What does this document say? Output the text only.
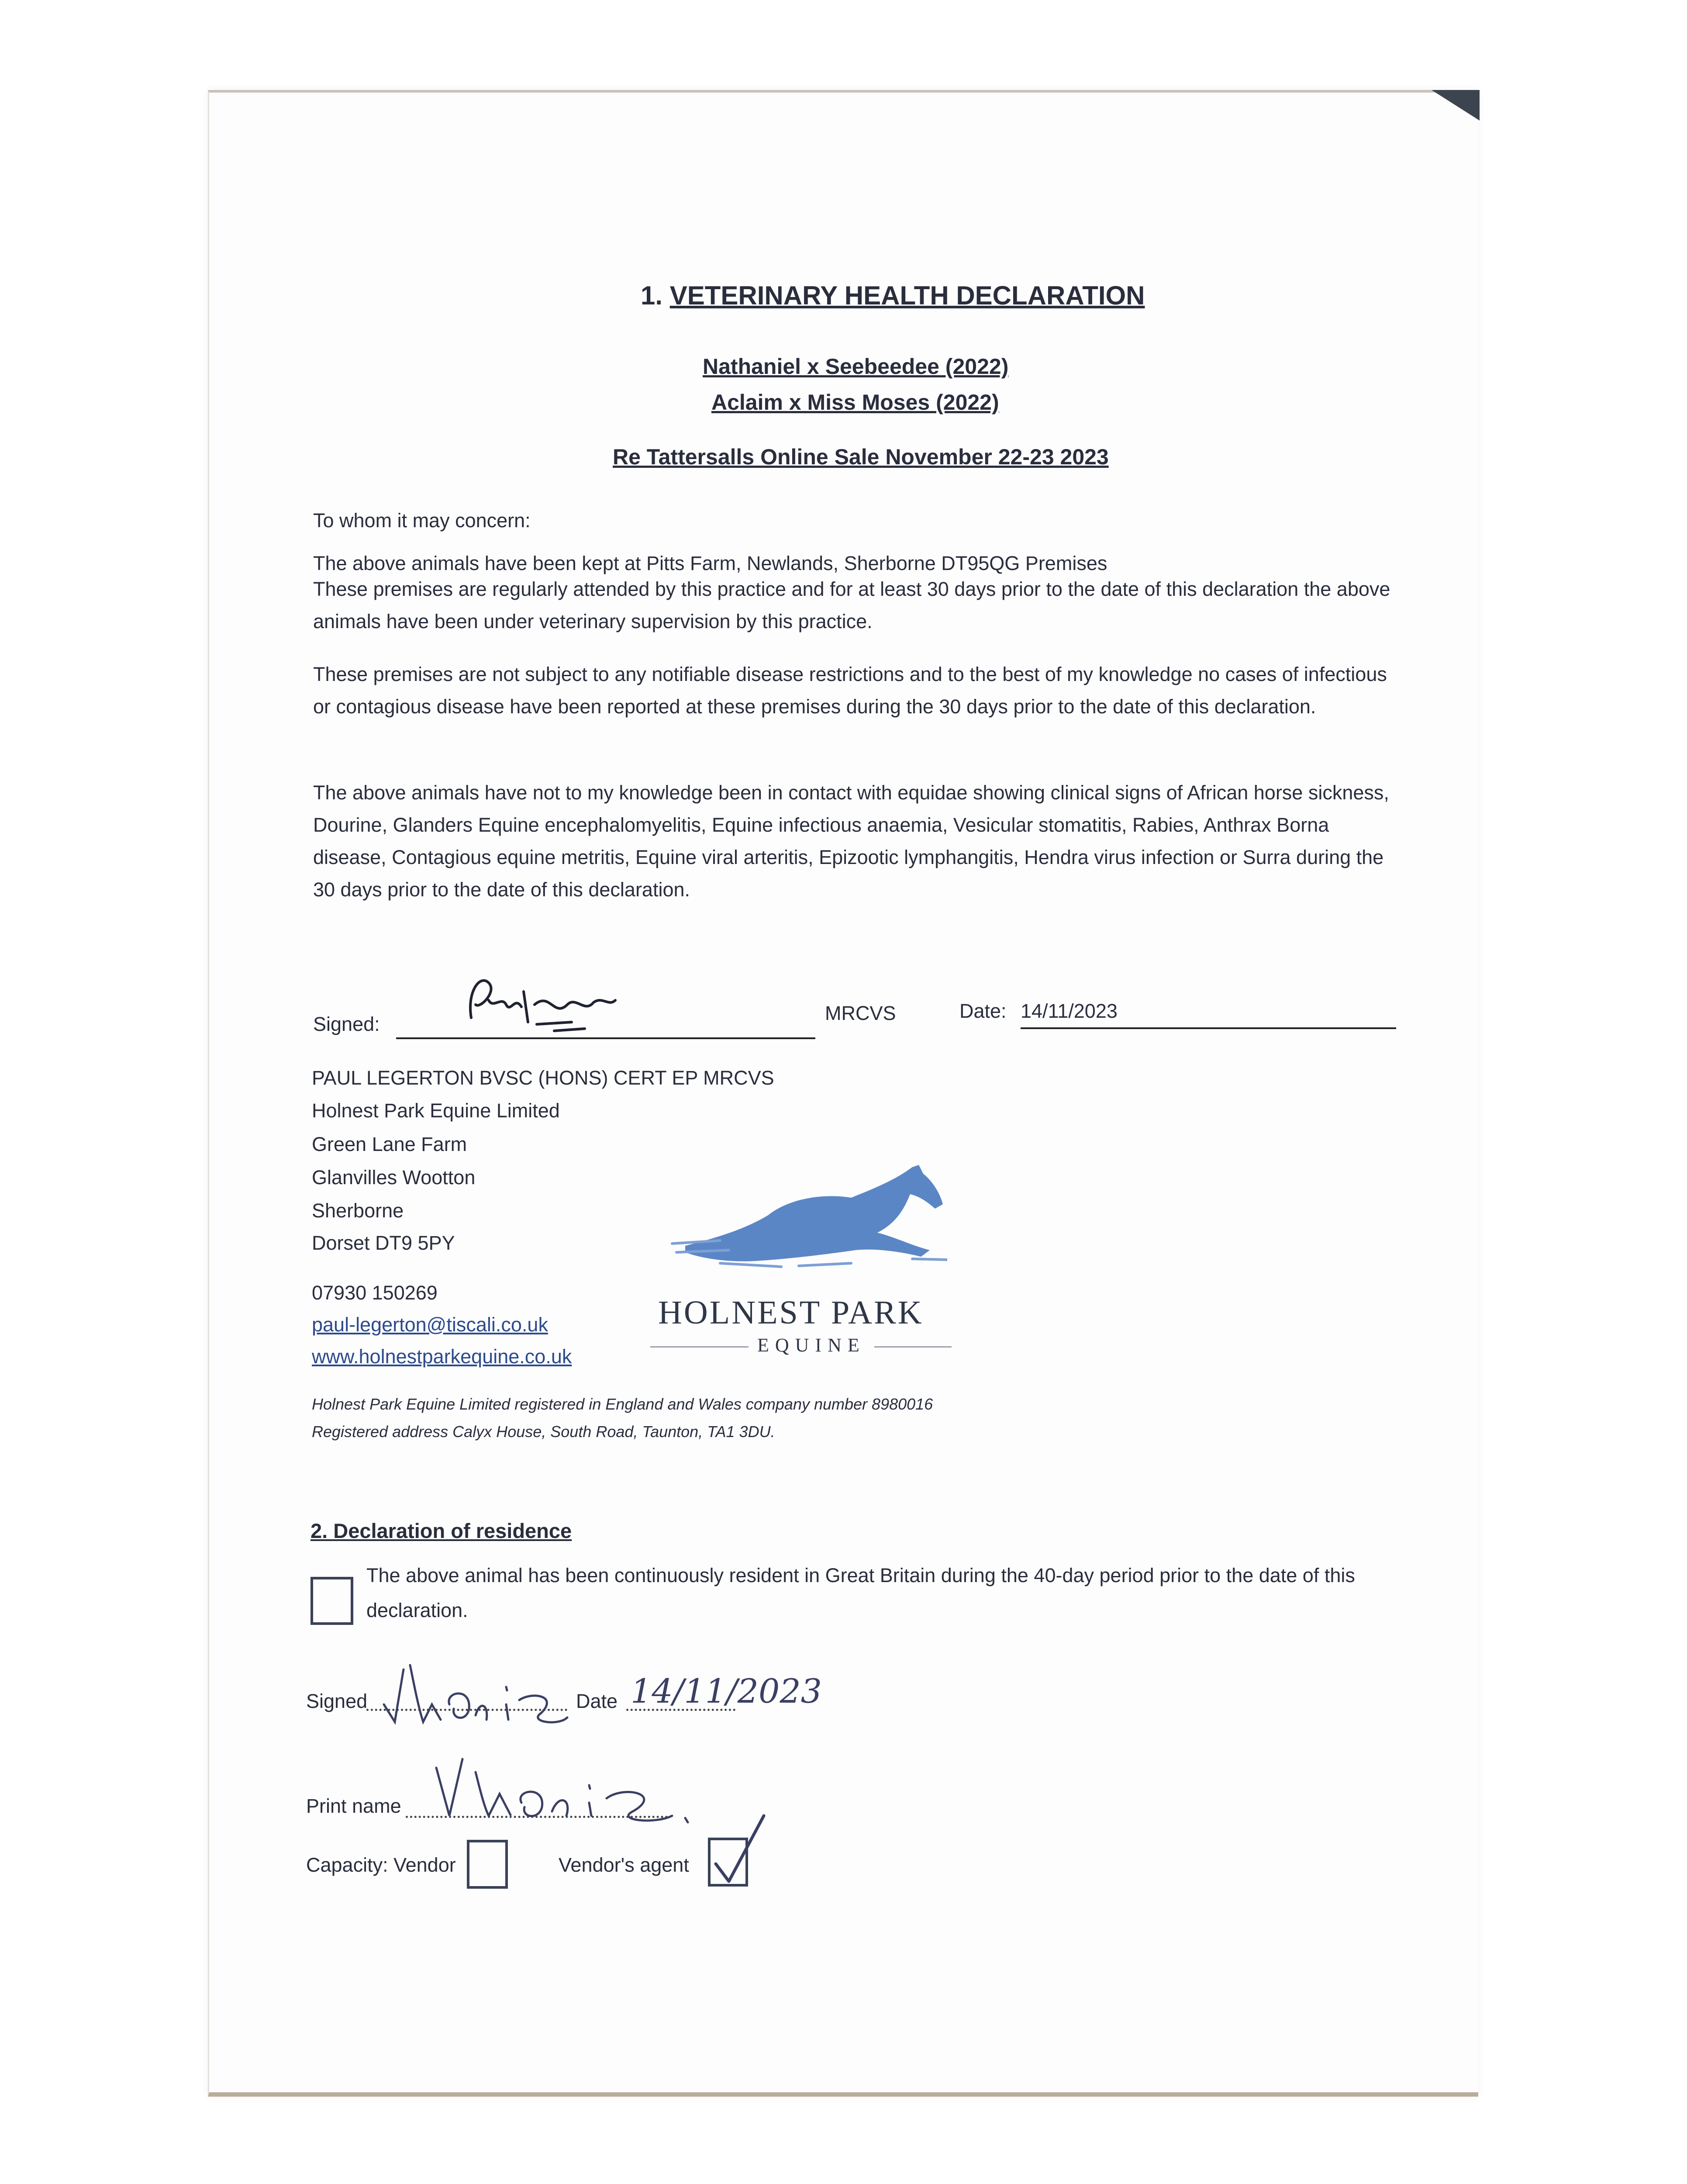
1. VETERINARY HEALTH DECLARATION
Nathaniel x Seebeedee (2022)
Aclaim x Miss Moses (2022)
Re Tattersalls Online Sale November 22-23 2023
To whom it may concern:
The above animals have been kept at Pitts Farm, Newlands, Sherborne DT95QG Premises
These premises are regularly attended by this practice and for at least 30 days prior to the date of this declaration the above animals have been under veterinary supervision by this practice.
These premises are not subject to any notifiable disease restrictions and to the best of my knowledge no cases of infectious or contagious disease have been reported at these premises during the 30 days prior to the date of this declaration.
The above animals have not to my knowledge been in contact with equidae showing clinical signs of African horse sickness, Dourine, Glanders Equine encephalomyelitis, Equine infectious anaemia, Vesicular stomatitis, Rabies, Anthrax Borna disease, Contagious equine metritis, Equine viral arteritis, Epizootic lymphangitis, Hendra virus infection or Surra during the 30 days prior to the date of this declaration.
Signed:	MRCVS	Date: 14/11/2023
PAUL LEGERTON BVSC (HONS) CERT EP MRCVS
Holnest Park Equine Limited
Green Lane Farm
Glanvilles Wootton
Sherborne
Dorset DT9 5PY
07930 150269
paul-legerton@tiscali.co.uk
www.holnestparkequine.co.uk
Holnest Park Equine Limited registered in England and Wales company number 8980016
Registered address Calyx House, South Road, Taunton, TA1 3DU.
HOLNEST PARK
EQUINE
2. Declaration of residence
The above animal has been continuously resident in Great Britain during the 40-day period prior to the date of this declaration.
Signed	Date 14/11/2023
Print name
Capacity: Vendor	Vendor's agent
